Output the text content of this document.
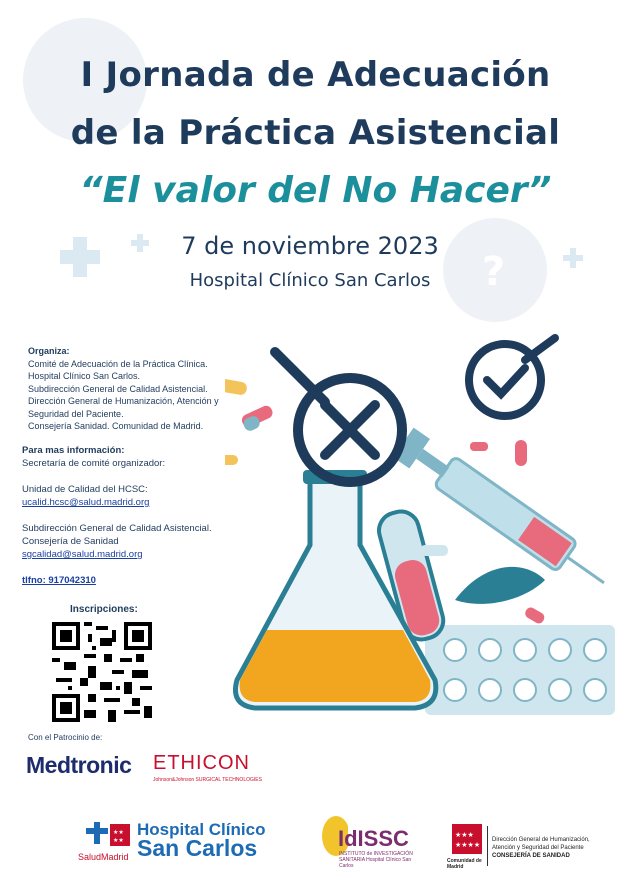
?
I Jornada de Adecuación
de la Práctica Asistencial
“El valor del No Hacer”
7 de noviembre 2023
Hospital Clínico San Carlos
Organiza:
Comité de Adecuación de la Práctica Clínica.
Hospital Clínico San Carlos.
Subdirección General de Calidad Asistencial.
Dirección General de Humanización, Atención y
Seguridad del Paciente.
Consejería Sanidad. Comunidad de Madrid.
Para mas información:
Secretaría de comité organizador:
Unidad de Calidad del HCSC:
ucalid.hcsc@salud.madrid.org
Subdirección General de Calidad Asistencial.
Consejería de Sanidad
sgcalidad@salud.madrid.org
tlfno: 917042310
Inscripciones:
Con el Patrocinio de:
Medtronic ETHICON
Johnson&Johnson SURGICAL TECHNOLOGIES
★★
★★
SaludMadrid
Hospital Clínico
San Carlos	IdISSC
INSTITUTO de INVESTIGACIÓN SANITARIA Hospital Clínico San Carlos
★★★
★★★★
Comunidad de Madrid
Dirección General de Humanización,
Atención y Seguridad del Paciente
CONSEJERÍA DE SANIDAD
